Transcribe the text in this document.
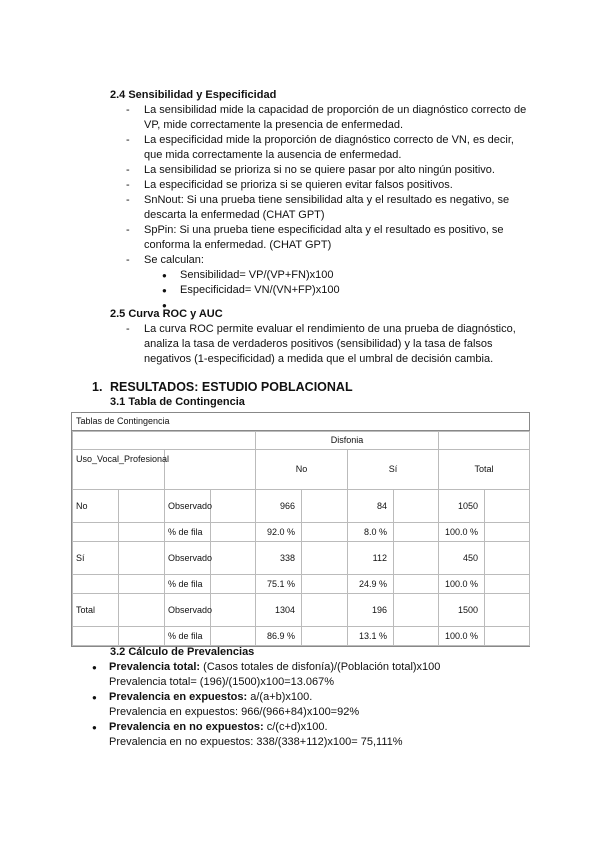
2.4 Sensibilidad y Especificidad
- La sensibilidad mide la capacidad de proporción de un diagnóstico correcto de VP, mide correctamente la presencia de enfermedad.
- La especificidad mide la proporción de diagnóstico correcto de VN, es decir, que mida correctamente la ausencia de enfermedad.
- La sensibilidad se prioriza si no se quiere pasar por alto ningún positivo.
- La especificidad se prioriza si se quieren evitar falsos positivos.
- SnNout: Si una prueba tiene sensibilidad alta y el resultado es negativo, se descarta la enfermedad (CHAT GPT)
- SpPin: Si una prueba tiene especificidad alta y el resultado es positivo, se conforma la enfermedad. (CHAT GPT)
- Se calculan:
● Sensibilidad= VP/(VP+FN)x100
● Especificidad= VN/(VN+FP)x100
●
2.5 Curva ROC y AUC
- La curva ROC permite evaluar el rendimiento de una prueba de diagnóstico, analiza la tasa de verdaderos positivos (sensibilidad) y la tasa de falsos negativos (1-especificidad) a medida que el umbral de decisión cambia.
1. RESULTADOS: ESTUDIO POBLACIONAL
3.1 Tabla de Contingencia
Tablas de Contingencia
				Disfonia					
Uso_Vocal_Profesional				No		Sí		Total	
No		Observado		966		84		1050	
		% de fila		92.0 %		8.0 %		100.0 %	
Sí		Observado		338		112		450	
		% de fila		75.1 %		24.9 %		100.0 %	
Total		Observado		1304		196		1500	
		% de fila		86.9 %		13.1 %		100.0 %	
3.2 Cálculo de Prevalencias
● Prevalencia total: (Casos totales de disfonía)/(Población total)x100
Prevalencia total= (196)/(1500)x100=13.067%
● Prevalencia en expuestos: a/(a+b)x100.
Prevalencia en expuestos: 966/(966+84)x100=92%
● Prevalencia en no expuestos: c/(c+d)x100.
Prevalencia en no expuestos: 338/(338+112)x100= 75,111%
